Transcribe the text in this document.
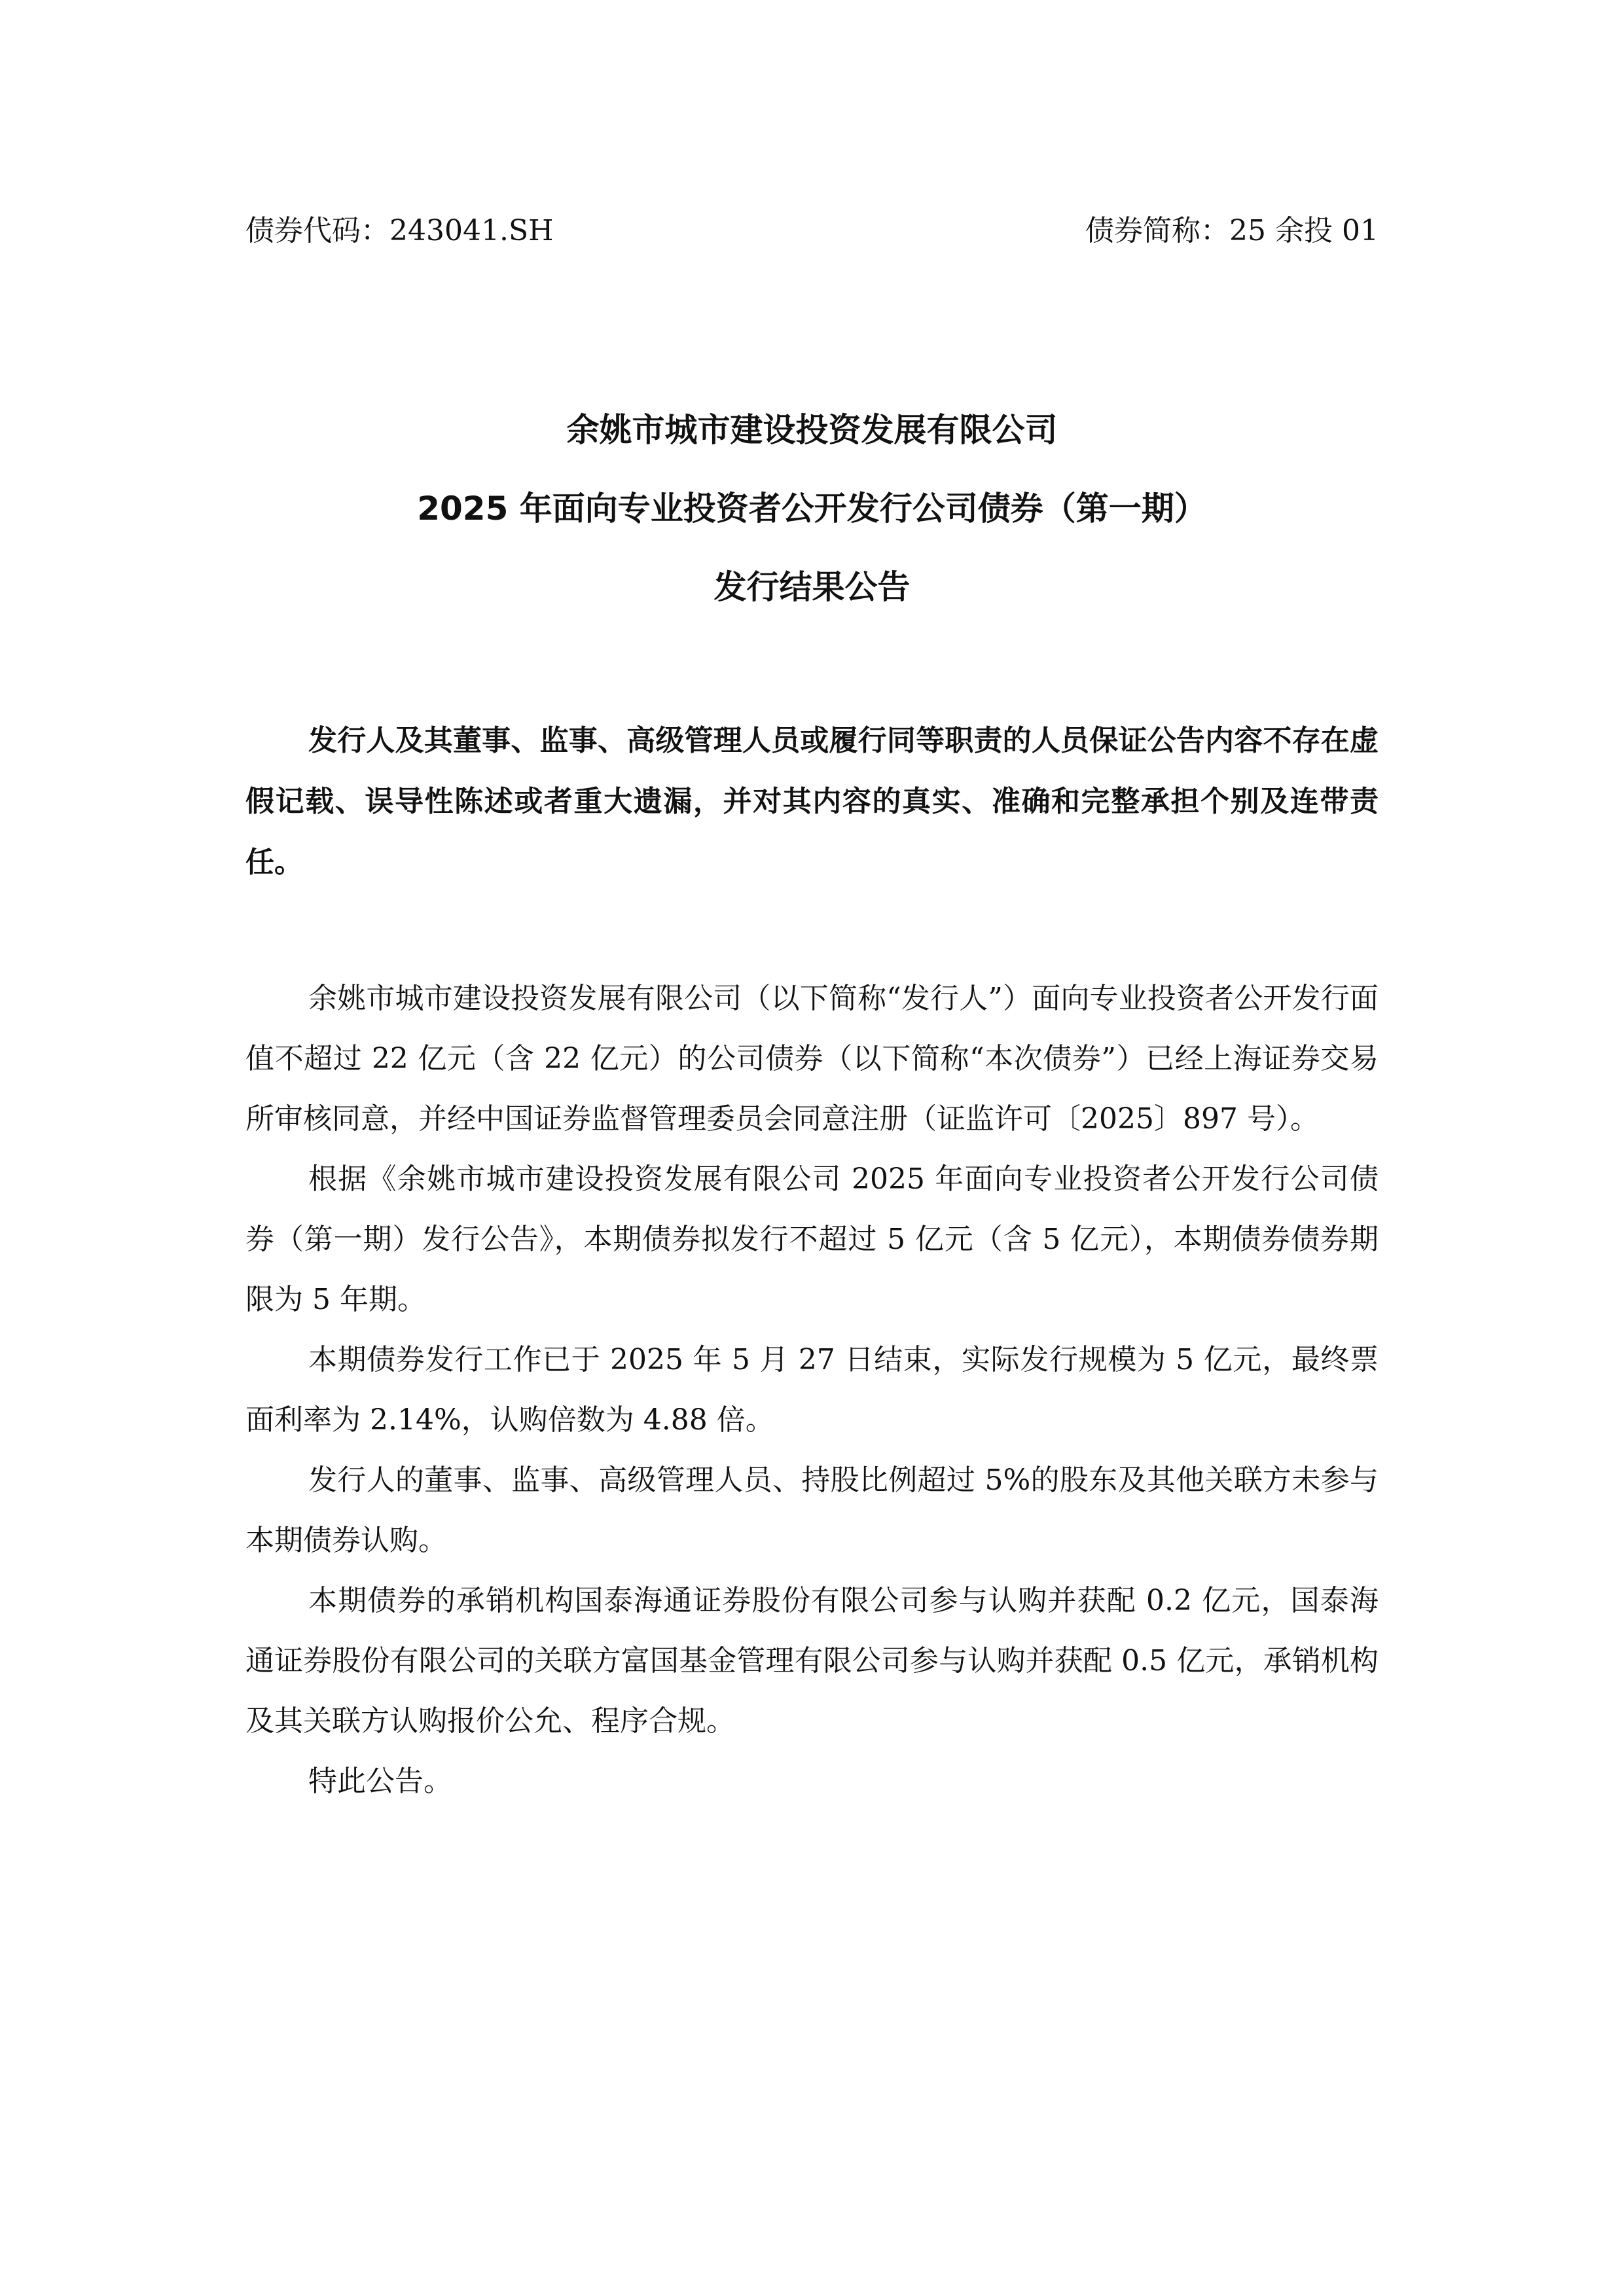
债券代码：243041.SH	债券简称：25 余投 01
余姚市城市建设投资发展有限公司
2025 年面向专业投资者公开发行公司债券（第一期）
发行结果公告
发行人及其董事、监事、高级管理人员或履行同等职责的人员保证公告内容不存在虚假记载、误导性陈述或者重大遗漏，并对其内容的真实、准确和完整承担个别及连带责任。

余姚市城市建设投资发展有限公司（以下简称“发行人”）面向专业投资者公开发行面值不超过 22 亿元（含 22 亿元）的公司债券（以下简称“本次债券”）已经上海证券交易所审核同意，并经中国证券监督管理委员会同意注册（证监许可〔2025〕897 号）。

根据《余姚市城市建设投资发展有限公司 2025 年面向专业投资者公开发行公司债券（第一期）发行公告》，本期债券拟发行不超过 5 亿元（含 5 亿元），本期债券债券期限为 5 年期。

本期债券发行工作已于 2025 年 5 月 27 日结束，实际发行规模为 5 亿元，最终票面利率为 2.14%，认购倍数为 4.88 倍。

发行人的董事、监事、高级管理人员、持股比例超过 5%的股东及其他关联方未参与本期债券认购。

本期债券的承销机构国泰海通证券股份有限公司参与认购并获配 0.2 亿元，国泰海通证券股份有限公司的关联方富国基金管理有限公司参与认购并获配 0.5 亿元，承销机构及其关联方认购报价公允、程序合规。

特此公告。
